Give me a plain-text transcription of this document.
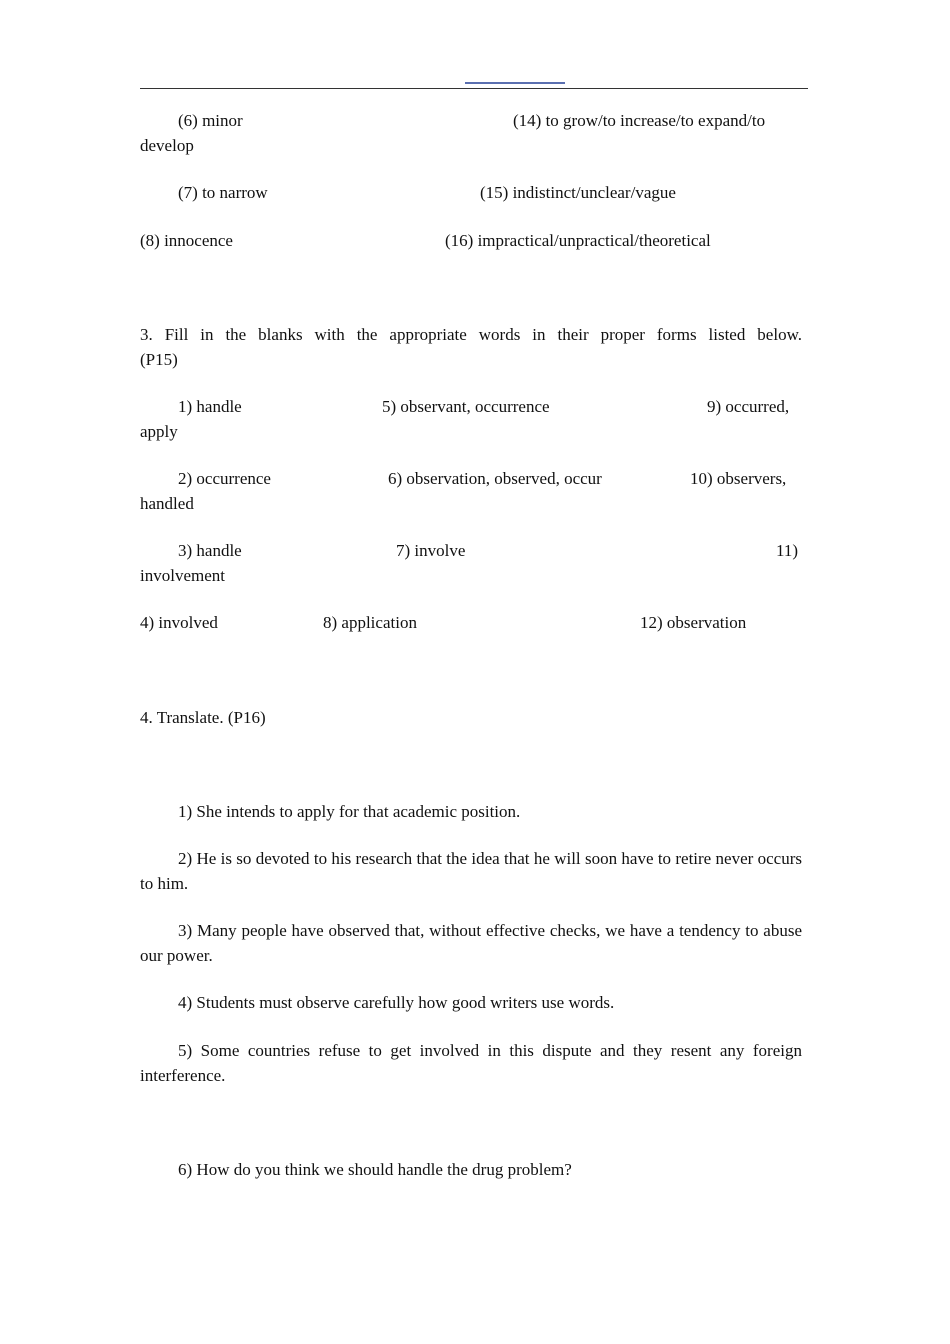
(6) minor	(14) to grow/to increase/to expand/to
develop
(7) to narrow	(15) indistinct/unclear/vague
(8) innocence	(16) impractical/unpractical/theoretical
3. Fill in the blanks with the appropriate words in their proper forms listed below.
(P15)
1) handle	5) observant, occurrence	9) occurred,
apply
2) occurrence	6) observation, observed, occur	10) observers,
handled
3) handle	7) involve	11)
involvement
4) involved	8) application	12) observation
4. Translate. (P16)
1) She intends to apply for that academic position.
2) He is so devoted to his research that the idea that he will soon have to retire never occurs to him.
3) Many people have observed that, without effective checks, we have a tendency to abuse our power.
4) Students must observe carefully how good writers use words.
5) Some countries refuse to get involved in this dispute and they resent any foreign interference.
6) How do you think we should handle the drug problem?
